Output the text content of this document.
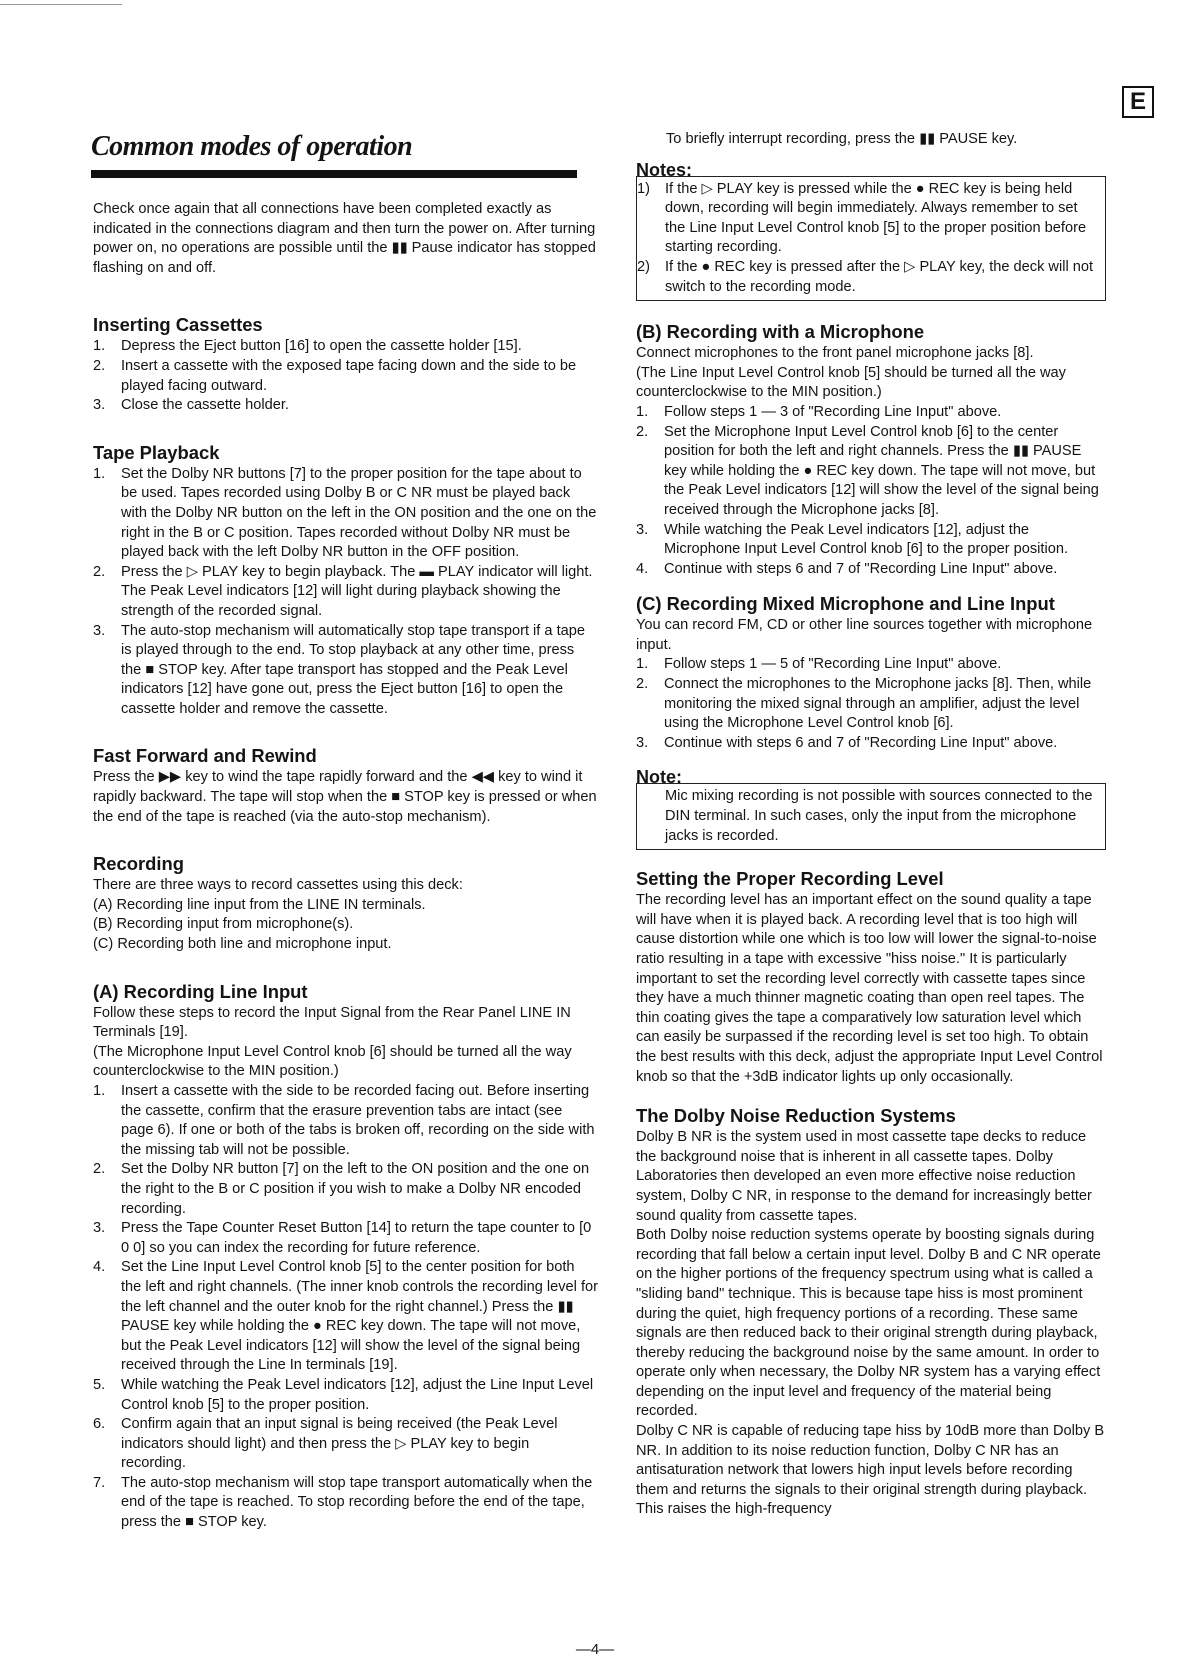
E
Common modes of operation

Check once again that all connections have been completed exactly as indicated in the connections diagram and then turn the power on. After turning power on, no operations are possible until the ▮▮ Pause indicator has stopped flashing on and off.

Inserting Cassettes
1. Depress the Eject button [16] to open the cassette holder [15].
2. Insert a cassette with the exposed tape facing down and the side to be played facing outward.
3. Close the cassette holder.
Tape Playback
1. Set the Dolby NR buttons [7] to the proper position for the tape about to be used. Tapes recorded using Dolby B or C NR must be played back with the Dolby NR button on the left in the ON position and the one on the right in the B or C position. Tapes recorded without Dolby NR must be played back with the left Dolby NR button in the OFF position.
2. Press the ▷ PLAY key to begin playback. The ▬ PLAY indicator will light. The Peak Level indicators [12] will light during playback showing the strength of the recorded signal.
3. The auto-stop mechanism will automatically stop tape transport if a tape is played through to the end. To stop playback at any other time, press the ■ STOP key. After tape transport has stopped and the Peak Level indicators [12] have gone out, press the Eject button [16] to open the cassette holder and remove the cassette.
Fast Forward and Rewind

Press the ▶▶ key to wind the tape rapidly forward and the ◀◀ key to wind it rapidly backward. The tape will stop when the ■ STOP key is pressed or when the end of the tape is reached (via the auto-stop mechanism).

Recording

There are three ways to record cassettes using this deck:

(A) Recording line input from the LINE IN terminals.

(B) Recording input from microphone(s).

(C) Recording both line and microphone input.

(A) Recording Line Input

Follow these steps to record the Input Signal from the Rear Panel LINE IN Terminals [19].

(The Microphone Input Level Control knob [6] should be turned all the way counterclockwise to the MIN position.)

1. Insert a cassette with the side to be recorded facing out. Before inserting the cassette, confirm that the erasure prevention tabs are intact (see page 6). If one or both of the tabs is broken off, recording on the side with the missing tab will not be possible.
2. Set the Dolby NR button [7] on the left to the ON position and the one on the right to the B or C position if you wish to make a Dolby NR encoded recording.
3. Press the Tape Counter Reset Button [14] to return the tape counter to [0 0 0] so you can index the recording for future reference.
4. Set the Line Input Level Control knob [5] to the center position for both the left and right channels. (The inner knob controls the recording level for the left channel and the outer knob for the right channel.) Press the ▮▮ PAUSE key while holding the ● REC key down. The tape will not move, but the Peak Level indicators [12] will show the level of the signal being received through the Line In terminals [19].
5. While watching the Peak Level indicators [12], adjust the Line Input Level Control knob [5] to the proper position.
6. Confirm again that an input signal is being received (the Peak Level indicators should light) and then press the ▷ PLAY key to begin recording.
7. The auto-stop mechanism will stop tape transport automatically when the end of the tape is reached. To stop recording before the end of the tape, press the ■ STOP key.

To briefly interrupt recording, press the ▮▮ PAUSE key.

Notes:
1) If the ▷ PLAY key is pressed while the ● REC key is being held down, recording will begin immediately. Always remember to set the Line Input Level Control knob [5] to the proper position before starting recording.
2) If the ● REC key is pressed after the ▷ PLAY key, the deck will not switch to the recording mode.
(B) Recording with a Microphone

Connect microphones to the front panel microphone jacks [8].

(The Line Input Level Control knob [5] should be turned all the way counterclockwise to the MIN position.)

1. Follow steps 1 — 3 of "Recording Line Input" above.
2. Set the Microphone Input Level Control knob [6] to the center position for both the left and right channels. Press the ▮▮ PAUSE key while holding the ● REC key down. The tape will not move, but the Peak Level indicators [12] will show the level of the signal being received through the Microphone jacks [8].
3. While watching the Peak Level indicators [12], adjust the Microphone Input Level Control knob [6] to the proper position.
4. Continue with steps 6 and 7 of "Recording Line Input" above.
(C) Recording Mixed Microphone and Line Input

You can record FM, CD or other line sources together with microphone input.

1. Follow steps 1 — 5 of "Recording Line Input" above.
2. Connect the microphones to the Microphone jacks [8]. Then, while monitoring the mixed signal through an amplifier, adjust the level using the Microphone Level Control knob [6].
3. Continue with steps 6 and 7 of "Recording Line Input" above.
Note:

Mic mixing recording is not possible with sources connected to the DIN terminal. In such cases, only the input from the microphone jacks is recorded.

Setting the Proper Recording Level

The recording level has an important effect on the sound quality a tape will have when it is played back. A recording level that is too high will cause distortion while one which is too low will lower the signal-to-noise ratio resulting in a tape with excessive "hiss noise." It is particularly important to set the recording level correctly with cassette tapes since they have a much thinner magnetic coating than open reel tapes. The thin coating gives the tape a comparatively low saturation level which can easily be surpassed if the recording level is set too high. To obtain the best results with this deck, adjust the appropriate Input Level Control knob so that the +3dB indicator lights up only occasionally.

The Dolby Noise Reduction Systems

Dolby B NR is the system used in most cassette tape decks to reduce the background noise that is inherent in all cassette tapes. Dolby Laboratories then developed an even more effective noise reduction system, Dolby C NR, in response to the demand for increasingly better sound quality from cassette tapes.

Both Dolby noise reduction systems operate by boosting signals during recording that fall below a certain input level. Dolby B and C NR operate on the higher portions of the frequency spectrum using what is called a "sliding band" technique. This is because tape hiss is most prominent during the quiet, high frequency portions of a recording. These same signals are then reduced back to their original strength during playback, thereby reducing the background noise by the same amount. In order to operate only when necessary, the Dolby NR system has a varying effect depending on the input level and frequency of the material being recorded.

Dolby C NR is capable of reducing tape hiss by 10dB more than Dolby B NR. In addition to its noise reduction function, Dolby C NR has an antisaturation network that lowers high input levels before recording them and returns the signals to their original strength during playback. This raises the high-frequency

—4—
